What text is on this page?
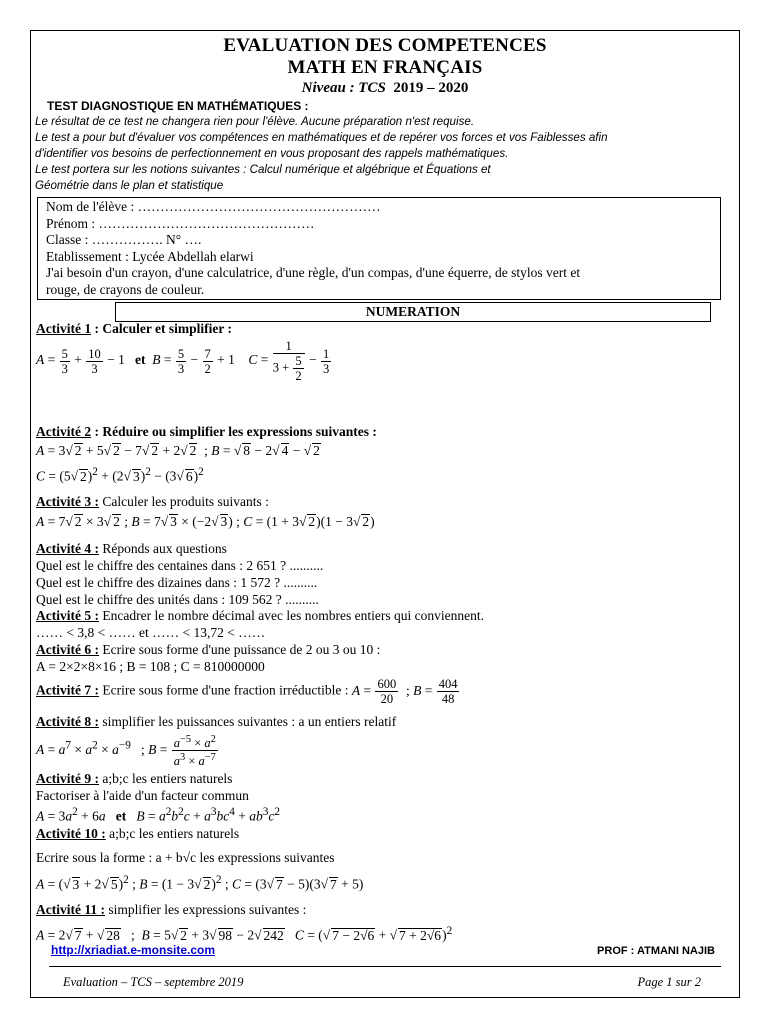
EVALUATION DES COMPETENCES
MATH EN FRANÇAIS
Niveau : TCS 2019 – 2020
TEST DIAGNOSTIQUE EN MATHÉMATIQUES :
Le résultat de ce test ne changera rien pour l'élève. Aucune préparation n'est requise.
Le test a pour but d'évaluer vos compétences en mathématiques et de repérer vos forces et vos Faiblesses afin
d'identifier vos besoins de perfectionnement en vous proposant des rappels mathématiques.
Le test portera sur les notions suivantes : Calcul numérique et algébrique et Équations et
Géométrie dans le plan et statistique
Nom de l'élève : ………………………………………………
Prénom : …………………………………………
Classe : ……………. N° ….
Etablissement : Lycée Abdellah elarwi
J'ai besoin d'un crayon, d'une calculatrice, d'une règle, d'un compas, d'une équerre, de stylos vert et
rouge, de crayons de couleur.
NUMERATION
Activité 1 : Calculer et simplifier :
$A = \frac{5}{3} + \frac{10}{3} - 1$   et $B = \frac{5}{3} - \frac{7}{2} + 1$    $C = \frac{1}{3 + \frac{5}{2}} - \frac{1}{3}$
Activité 2 : Réduire ou simplifier les expressions suivantes :
A = 3√ 2 + 5√ 2 − 7√ 2 + 2√ 2  ; B = √ 8 − 2√ 4 − √ 2
C = (5√ 2)$^2$ + (2√ 3)$^2$ − (3√ 6)$^2$
Activité 3 : Calculer les produits suivants :
A = 7√ 2 × 3√ 2 ; B = 7√ 3 × (−2√ 3) ; C = (1 + 3√ 2)(1 − 3√ 2)
Activité 4 : Réponds aux questions
Quel est le chiffre des centaines dans : 2 651 ? ..........
Quel est le chiffre des dizaines dans : 1 572 ? ..........
Quel est le chiffre des unités dans : 109 562 ? ..........
Activité 5 : Encadrer le nombre décimal avec les nombres entiers qui conviennent.
…… < 3,8 < …… et …… < 13,72 < ……
Activité 6 : Ecrire sous forme d'une puissance de 2 ou 3 ou 10 :
A = 2×2×8×16 ; B = 108 ; C = 810000000
Activité 7 : Ecrire sous forme d'une fraction irréductible : $A = \frac{600}{20}$ ; $B = \frac{404}{48}$
Activité 8 : simplifier les puissances suivantes : a un entiers relatif
$A = a^7 \times a^2 \times a^{-9}$   ; $B = \frac{a^{-5} \times a^2}{a^3 \times a^{-7}}$
Activité 9 : a;b;c les entiers naturels
Factoriser à l'aide d'un facteur commun
$A = 3a^2 + 6a$ et $B = a^2b^2c + a^3bc^4 + ab^3c^2$
Activité 10 : a;b;c les entiers naturels
Ecrire sous la forme : a + b√c les expressions suivantes
A = (√ 3 + 2√ 5)$^2$ ; B = (1 − 3√ 2)$^2$ ; C = (3√ 7 − 5)(3√ 7 + 5)
Activité 11 : simplifier les expressions suivantes :
A = 2√ 7 + √ 28   ;  B = 5√ 2 + 3√ 98 − 2√ 242 C = (√ 7 − 2√6 + √ 7 + 2√6)$^2$
http://xriadiat.e-monsite.com	PROF : ATMANI NAJIB
Evaluation – TCS – septembre 2019	Page 1 sur 2
